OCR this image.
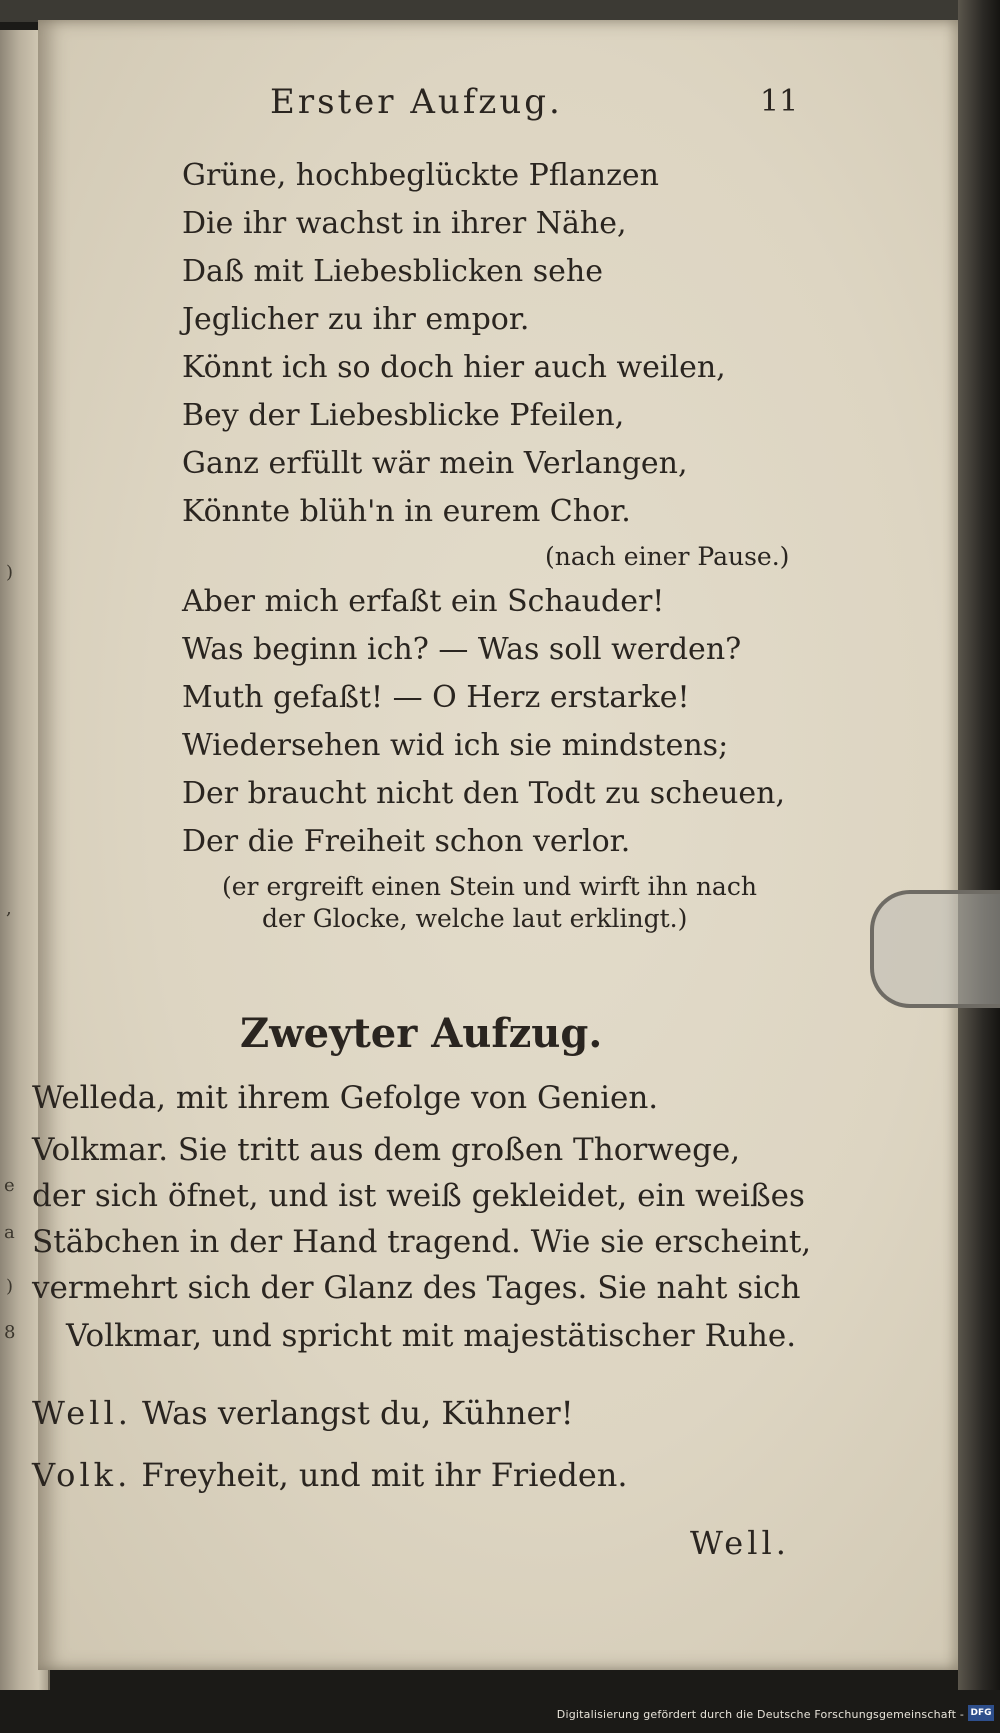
)
,
e
a
)
8
Erster Aufzug.	11
Grüne, hochbeglückte Pflanzen
Die ihr wachst in ihrer Nähe,
Daß mit Liebesblicken sehe
Jeglicher zu ihr empor.
Könnt ich so doch hier auch weilen,
Bey der Liebesblicke Pfeilen,
Ganz erfüllt wär mein Verlangen,
Könnte blüh'n in eurem Chor.
(nach einer Pause.)
Aber mich erfaßt ein Schauder!
Was beginn ich? — Was soll werden?
Muth gefaßt! — O Herz erstarke!
Wiedersehen wid ich sie mindstens;
Der braucht nicht den Todt zu scheuen,
Der die Freiheit schon verlor.
(er ergreift einen Stein und wirft ihn nach
der Glocke, welche laut erklingt.)
Zweyter Aufzug.
Welleda, mit ihrem Gefolge von Genien.
Volkmar. Sie tritt aus dem großen Thorwege,
der sich öfnet, und ist weiß gekleidet, ein weißes
Stäbchen in der Hand tragend. Wie sie erscheint,
vermehrt sich der Glanz des Tages. Sie naht sich
Volkmar, und spricht mit majestätischer Ruhe.
Well. Was verlangst du, Kühner!
Volk. Freyheit, und mit ihr Frieden.
Well.
Digitalisierung gefördert durch die Deutsche Forschungsgemeinschaft - DFG
